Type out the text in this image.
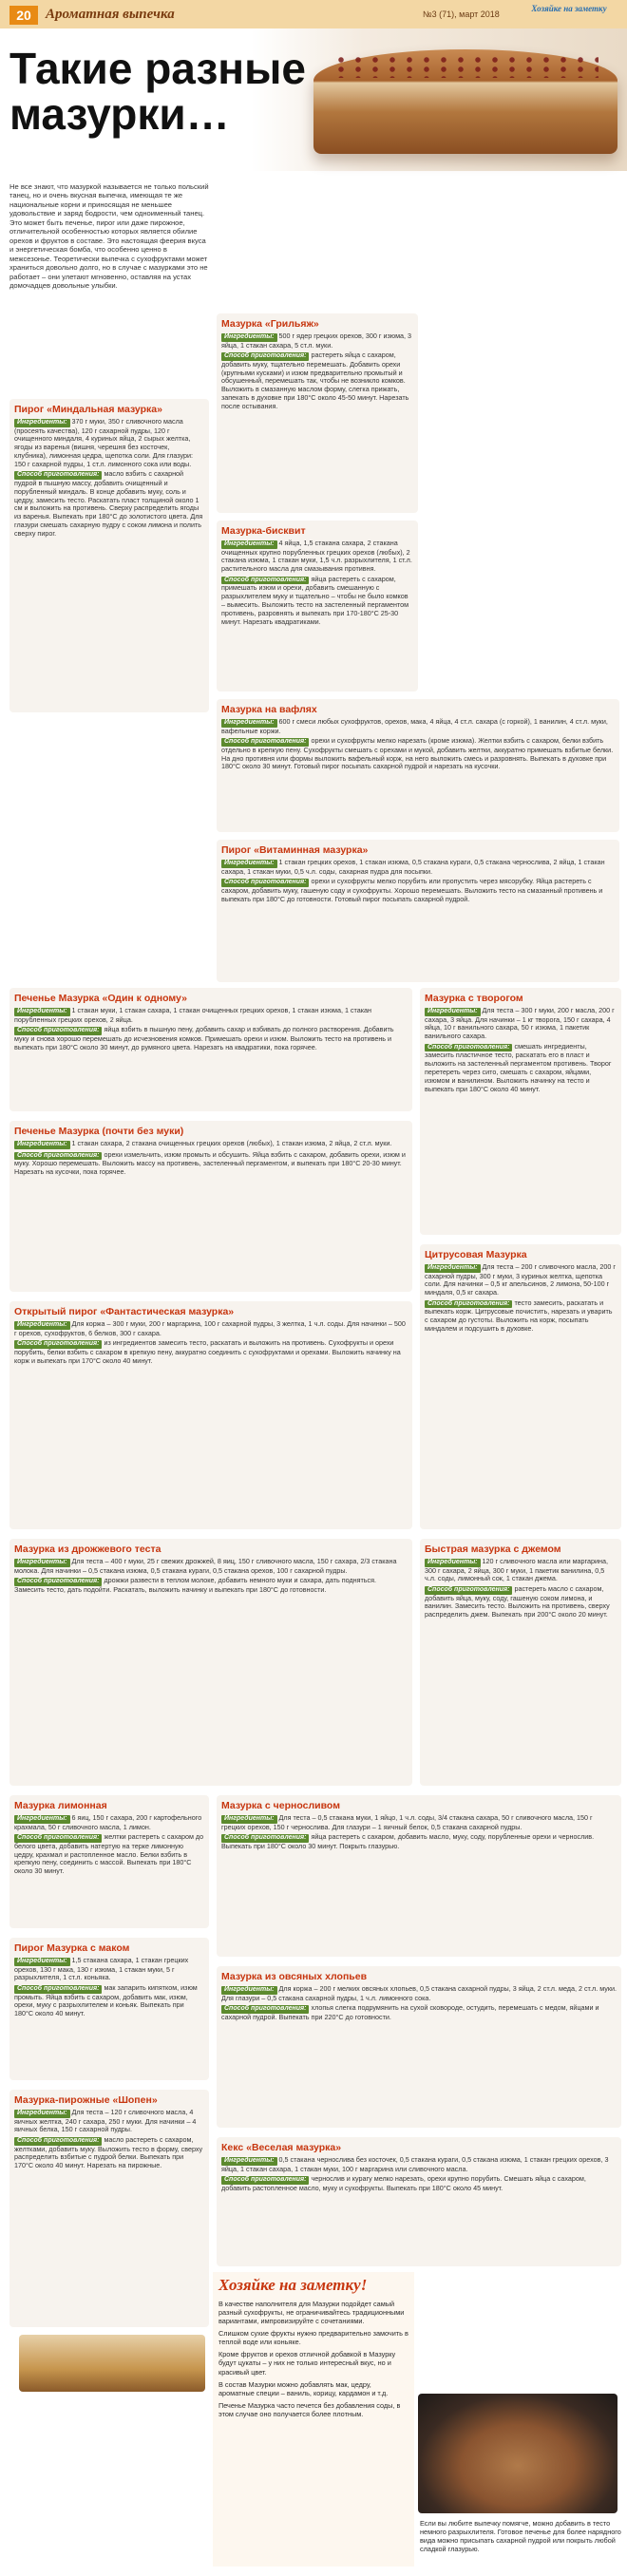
20	Ароматная выпечка	№3 (71), март 2018
Хозяйке на заметку
Такие разные мазурки…
Не все знают, что мазуркой называется не только польский танец, но и очень вкусная выпечка, имеющая те же национальные корни и приносящая не меньшее удовольствие и заряд бодрости, чем одноименный танец. Это может быть печенье, пирог или даже пирожное, отличительной особенностью которых является обилие орехов и фруктов в составе. Это настоящая феерия вкуса и энергетическая бомба, что особенно ценно в межсезонье. Теоретически выпечка с сухофруктами может храниться довольно долго, но в случае с мазурками это не работает – они улетают мгновенно, оставляя на устах домочадцев довольные улыбки.
Пирог «Миндальная мазурка»

Ингредиенты: 370 г муки, 350 г сливочного масла (просеять качества), 120 г сахарной пудры, 120 г очищенного миндаля, 4 куриных яйца, 2 сырых желтка, ягоды из варенья (вишня, черешня без косточек, клубника), лимонная цедра, щепотка соли. Для глазури: 150 г сахарной пудры, 1 ст.л. лимонного сока или воды.

Способ приготовления: масло взбить с сахарной пудрой в пышную массу, добавить очищенный и порубленный миндаль. В конце добавить муку, соль и цедру, замесить тесто. Раскатать пласт толщиной около 1 см и выложить на противень. Сверху распределить ягоды из варенья. Выпекать при 180°С до золотистого цвета. Для глазури смешать сахарную пудру с соком лимона и полить сверху пирог.

Мазурка «Грильяж»

Ингредиенты: 500 г ядер грецких орехов, 300 г изюма, 3 яйца, 1 стакан сахара, 5 ст.л. муки.

Способ приготовления: растереть яйца с сахаром, добавить муку, тщательно перемешать. Добавить орехи (крупными кусками) и изюм предварительно промытый и обсушенный, перемешать так, чтобы не возникло комков. Выложить в смазанную маслом форму, слегка прижать, запекать в духовке при 180°С около 45-50 минут. Нарезать после остывания.

Мазурка-бисквит

Ингредиенты: 4 яйца, 1,5 стакана сахара, 2 стакана очищенных крупно порубленных грецких орехов (любых), 2 стакана изюма, 1 стакан муки, 1,5 ч.л. разрыхлителя, 1 ст.л. растительного масла для смазывания противня.

Способ приготовления: яйца растереть с сахаром, примешать изюм и орехи, добавить смешанную с разрыхлителем муку и тщательно – чтобы не было комков – вымесить. Выложить тесто на застеленный пергаментом противень, разровнять и выпекать при 170-180°С 25-30 минут. Нарезать квадратиками.

Мазурка на вафлях

Ингредиенты: 600 г смеси любых сухофруктов, орехов, мака, 4 яйца, 4 ст.л. сахара (с горкой), 1 ванилин, 4 ст.л. муки, вафельные коржи.

Способ приготовления: орехи и сухофрукты мелко нарезать (кроме изюма). Желтки взбить с сахаром, белки взбить отдельно в крепкую пену. Сухофрукты смешать с орехами и мукой, добавить желтки, аккуратно примешать взбитые белки. На дно противня или формы выложить вафельный корж, на него выложить смесь и разровнять. Выпекать в духовке при 180°С около 30 минут. Готовый пирог посыпать сахарной пудрой и нарезать на кусочки.

Пирог «Витаминная мазурка»

Ингредиенты: 1 стакан грецких орехов, 1 стакан изюма, 0,5 стакана кураги, 0,5 стакана чернослива, 2 яйца, 1 стакан сахара, 1 стакан муки, 0,5 ч.л. соды, сахарная пудра для посыпки.

Способ приготовления: орехи и сухофрукты мелко порубить или пропустить через мясорубку. Яйца растереть с сахаром, добавить муку, гашеную соду и сухофрукты. Хорошо перемешать. Выложить тесто на смазанный противень и выпекать при 180°С до готовности. Готовый пирог посыпать сахарной пудрой.

Печенье Мазурка «Один к одному»

Ингредиенты: 1 стакан муки, 1 стакан сахара, 1 стакан очищенных грецких орехов, 1 стакан изюма, 1 стакан порубленных грецких орехов, 2 яйца.

Способ приготовления: яйца взбить в пышную пену, добавить сахар и взбивать до полного растворения. Добавить муку и снова хорошо перемешать до исчезновения комков. Примешать орехи и изюм. Выложить тесто на противень и выпекать при 180°С около 30 минут, до румяного цвета. Нарезать на квадратики, пока горячее.

Мазурка с творогом

Ингредиенты: Для теста – 300 г муки, 200 г масла, 200 г сахара, 3 яйца. Для начинки – 1 кг творога, 150 г сахара, 4 яйца, 10 г ванильного сахара, 50 г изюма, 1 пакетик ванильного сахара.

Способ приготовления: смешать ингредиенты, замесить пластичное тесто, раскатать его в пласт и выложить на застеленный пергаментом противень. Творог перетереть через сито, смешать с сахаром, яйцами, изюмом и ванилином. Выложить начинку на тесто и выпекать при 180°С около 40 минут.

Печенье Мазурка (почти без муки)

Ингредиенты: 1 стакан сахара, 2 стакана очищенных грецких орехов (любых), 1 стакан изюма, 2 яйца, 2 ст.л. муки.

Способ приготовления: орехи измельчить, изюм промыть и обсушить. Яйца взбить с сахаром, добавить орехи, изюм и муку. Хорошо перемешать. Выложить массу на противень, застеленный пергаментом, и выпекать при 180°С 20-30 минут. Нарезать на кусочки, пока горячее.

Цитрусовая Мазурка

Ингредиенты: Для теста – 200 г сливочного масла, 200 г сахарной пудры, 300 г муки, 3 куриных желтка, щепотка соли. Для начинки – 0,5 кг апельсинов, 2 лимона, 50-100 г миндаля, 0,5 кг сахара.

Способ приготовления: тесто замесить, раскатать и выпекать корж. Цитрусовые почистить, нарезать и уварить с сахаром до густоты. Выложить на корж, посыпать миндалем и подсушить в духовке.

Открытый пирог «Фантастическая мазурка»

Ингредиенты: Для коржа – 300 г муки, 200 г маргарина, 100 г сахарной пудры, 3 желтка, 1 ч.л. соды. Для начинки – 500 г орехов, сухофруктов, 6 белков, 300 г сахара.

Способ приготовления: из ингредиентов замесить тесто, раскатать и выложить на противень. Сухофрукты и орехи порубить, белки взбить с сахаром в крепкую пену, аккуратно соединить с сухофруктами и орехами. Выложить начинку на корж и выпекать при 170°С около 40 минут.

Быстрая мазурка с джемом

Ингредиенты: 120 г сливочного масла или маргарина, 300 г сахара, 2 яйца, 300 г муки, 1 пакетик ванилина, 0,5 ч.л. соды, лимонный сок, 1 стакан джема.

Способ приготовления: растереть масло с сахаром, добавить яйца, муку, соду, гашеную соком лимона, и ванилин. Замесить тесто. Выложить на противень, сверху распределить джем. Выпекать при 200°С около 20 минут.

Мазурка из дрожжевого теста

Ингредиенты: Для теста – 400 г муки, 25 г свежих дрожжей, 8 яиц, 150 г сливочного масла, 150 г сахара, 2/3 стакана молока. Для начинки – 0,5 стакана изюма, 0,5 стакана кураги, 0,5 стакана орехов, 100 г сахарной пудры.

Способ приготовления: дрожжи развести в теплом молоке, добавить немного муки и сахара, дать подняться. Замесить тесто, дать подойти. Раскатать, выложить начинку и выпекать при 180°С до готовности.

Мазурка лимонная

Ингредиенты: 6 яиц, 150 г сахара, 200 г картофельного крахмала, 50 г сливочного масла, 1 лимон.

Способ приготовления: желтки растереть с сахаром до белого цвета, добавить натертую на терке лимонную цедру, крахмал и растопленное масло. Белки взбить в крепкую пену, соединить с массой. Выпекать при 180°С около 30 минут.

Мазурка с черносливом

Ингредиенты: Для теста – 0,5 стакана муки, 1 яйцо, 1 ч.л. соды, 3/4 стакана сахара, 50 г сливочного масла, 150 г грецких орехов, 150 г чернослива. Для глазури – 1 яичный белок, 0,5 стакана сахарной пудры.

Способ приготовления: яйца растереть с сахаром, добавить масло, муку, соду, порубленные орехи и чернослив. Выпекать при 180°С около 30 минут. Покрыть глазурью.

Пирог Мазурка с маком

Ингредиенты: 1,5 стакана сахара, 1 стакан грецких орехов, 130 г мака, 130 г изюма, 1 стакан муки, 5 г разрыхлителя, 1 ст.л. коньяка.

Способ приготовления: мак запарить кипятком, изюм промыть. Яйца взбить с сахаром, добавить мак, изюм, орехи, муку с разрыхлителем и коньяк. Выпекать при 180°С около 40 минут.

Мазурка из овсяных хлопьев

Ингредиенты: Для коржа – 200 г мелких овсяных хлопьев, 0,5 стакана сахарной пудры, 3 яйца, 2 ст.л. меда, 2 ст.л. муки. Для глазури – 0,5 стакана сахарной пудры, 1 ч.л. лимонного сока.

Способ приготовления: хлопья слегка подрумянить на сухой сковороде, остудить, перемешать с медом, яйцами и сахарной пудрой. Выпекать при 220°С до готовности.

Мазурка-пирожные «Шопен»

Ингредиенты: Для теста – 120 г сливочного масла, 4 яичных желтка, 240 г сахара, 250 г муки. Для начинки – 4 яичных белка, 150 г сахарной пудры.

Способ приготовления: масло растереть с сахаром, желтками, добавить муку. Выложить тесто в форму, сверху распределить взбитые с пудрой белки. Выпекать при 170°С около 40 минут. Нарезать на пирожные.

Кекс «Веселая мазурка»

Ингредиенты: 0,5 стакана чернослива без косточек, 0,5 стакана кураги, 0,5 стакана изюма, 1 стакан грецких орехов, 3 яйца, 1 стакан сахара, 1 стакан муки, 100 г маргарина или сливочного масла.

Способ приготовления: чернослив и курагу мелко нарезать, орехи крупно порубить. Смешать яйца с сахаром, добавить растопленное масло, муку и сухофрукты. Выпекать при 180°С около 45 минут.

Хозяйке на заметку!

В качестве наполнителя для Мазурки подойдет самый разный сухофрукты, не ограничивайтесь традиционными вариантами, импровизируйте с сочетаниями.

Слишком сухие фрукты нужно предварительно замочить в теплой воде или коньяке.

Кроме фруктов и орехов отличной добавкой в Мазурку будут цукаты – у них не только интересный вкус, но и красивый цвет.

В состав Мазурки можно добавлять мак, цедру, ароматные специи – ваниль, корицу, кардамон и т.д.

Печенье Мазурка часто печется без добавления соды, в этом случае оно получается более плотным.

Если вы любите выпечку помягче, можно добавить в тесто немного разрыхлителя. Готовое печенье для более нарядного вида можно присыпать сахарной пудрой или покрыть любой сладкой глазурью.
